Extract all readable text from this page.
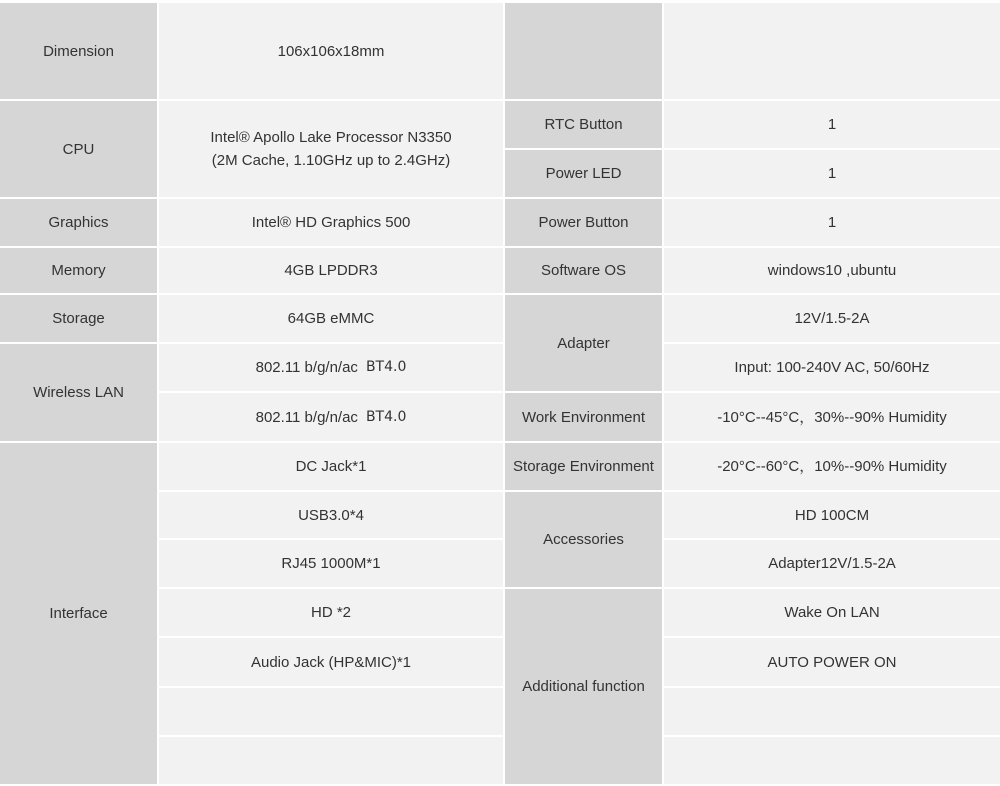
Dimension
CPU
Graphics
Memory
Storage
Wireless LAN
Interface
106x106x18mm
Intel® Apollo Lake Processor N3350
(2M Cache, 1.10GHz up to 2.4GHz)
Intel® HD Graphics 500
4GB LPDDR3
64GB eMMC
802.11 b/g/n/ac BT4.0
802.11 b/g/n/ac BT4.0
DC Jack*1
USB3.0*4
RJ45 1000M*1
HD *2
Audio Jack (HP&MIC)*1
RTC Button
Power LED
Power Button
Software OS
Adapter
Work Environment
Storage Environment
Accessories
Additional function
1
1
1
windows10 ,ubuntu
12V/1.5-2A
Input: 100-240V AC, 50/60Hz
-10°C--45°C，30%--90% Humidity
-20°C--60°C，10%--90% Humidity
HD 100CM
Adapter12V/1.5-2A
Wake On LAN
AUTO POWER ON
